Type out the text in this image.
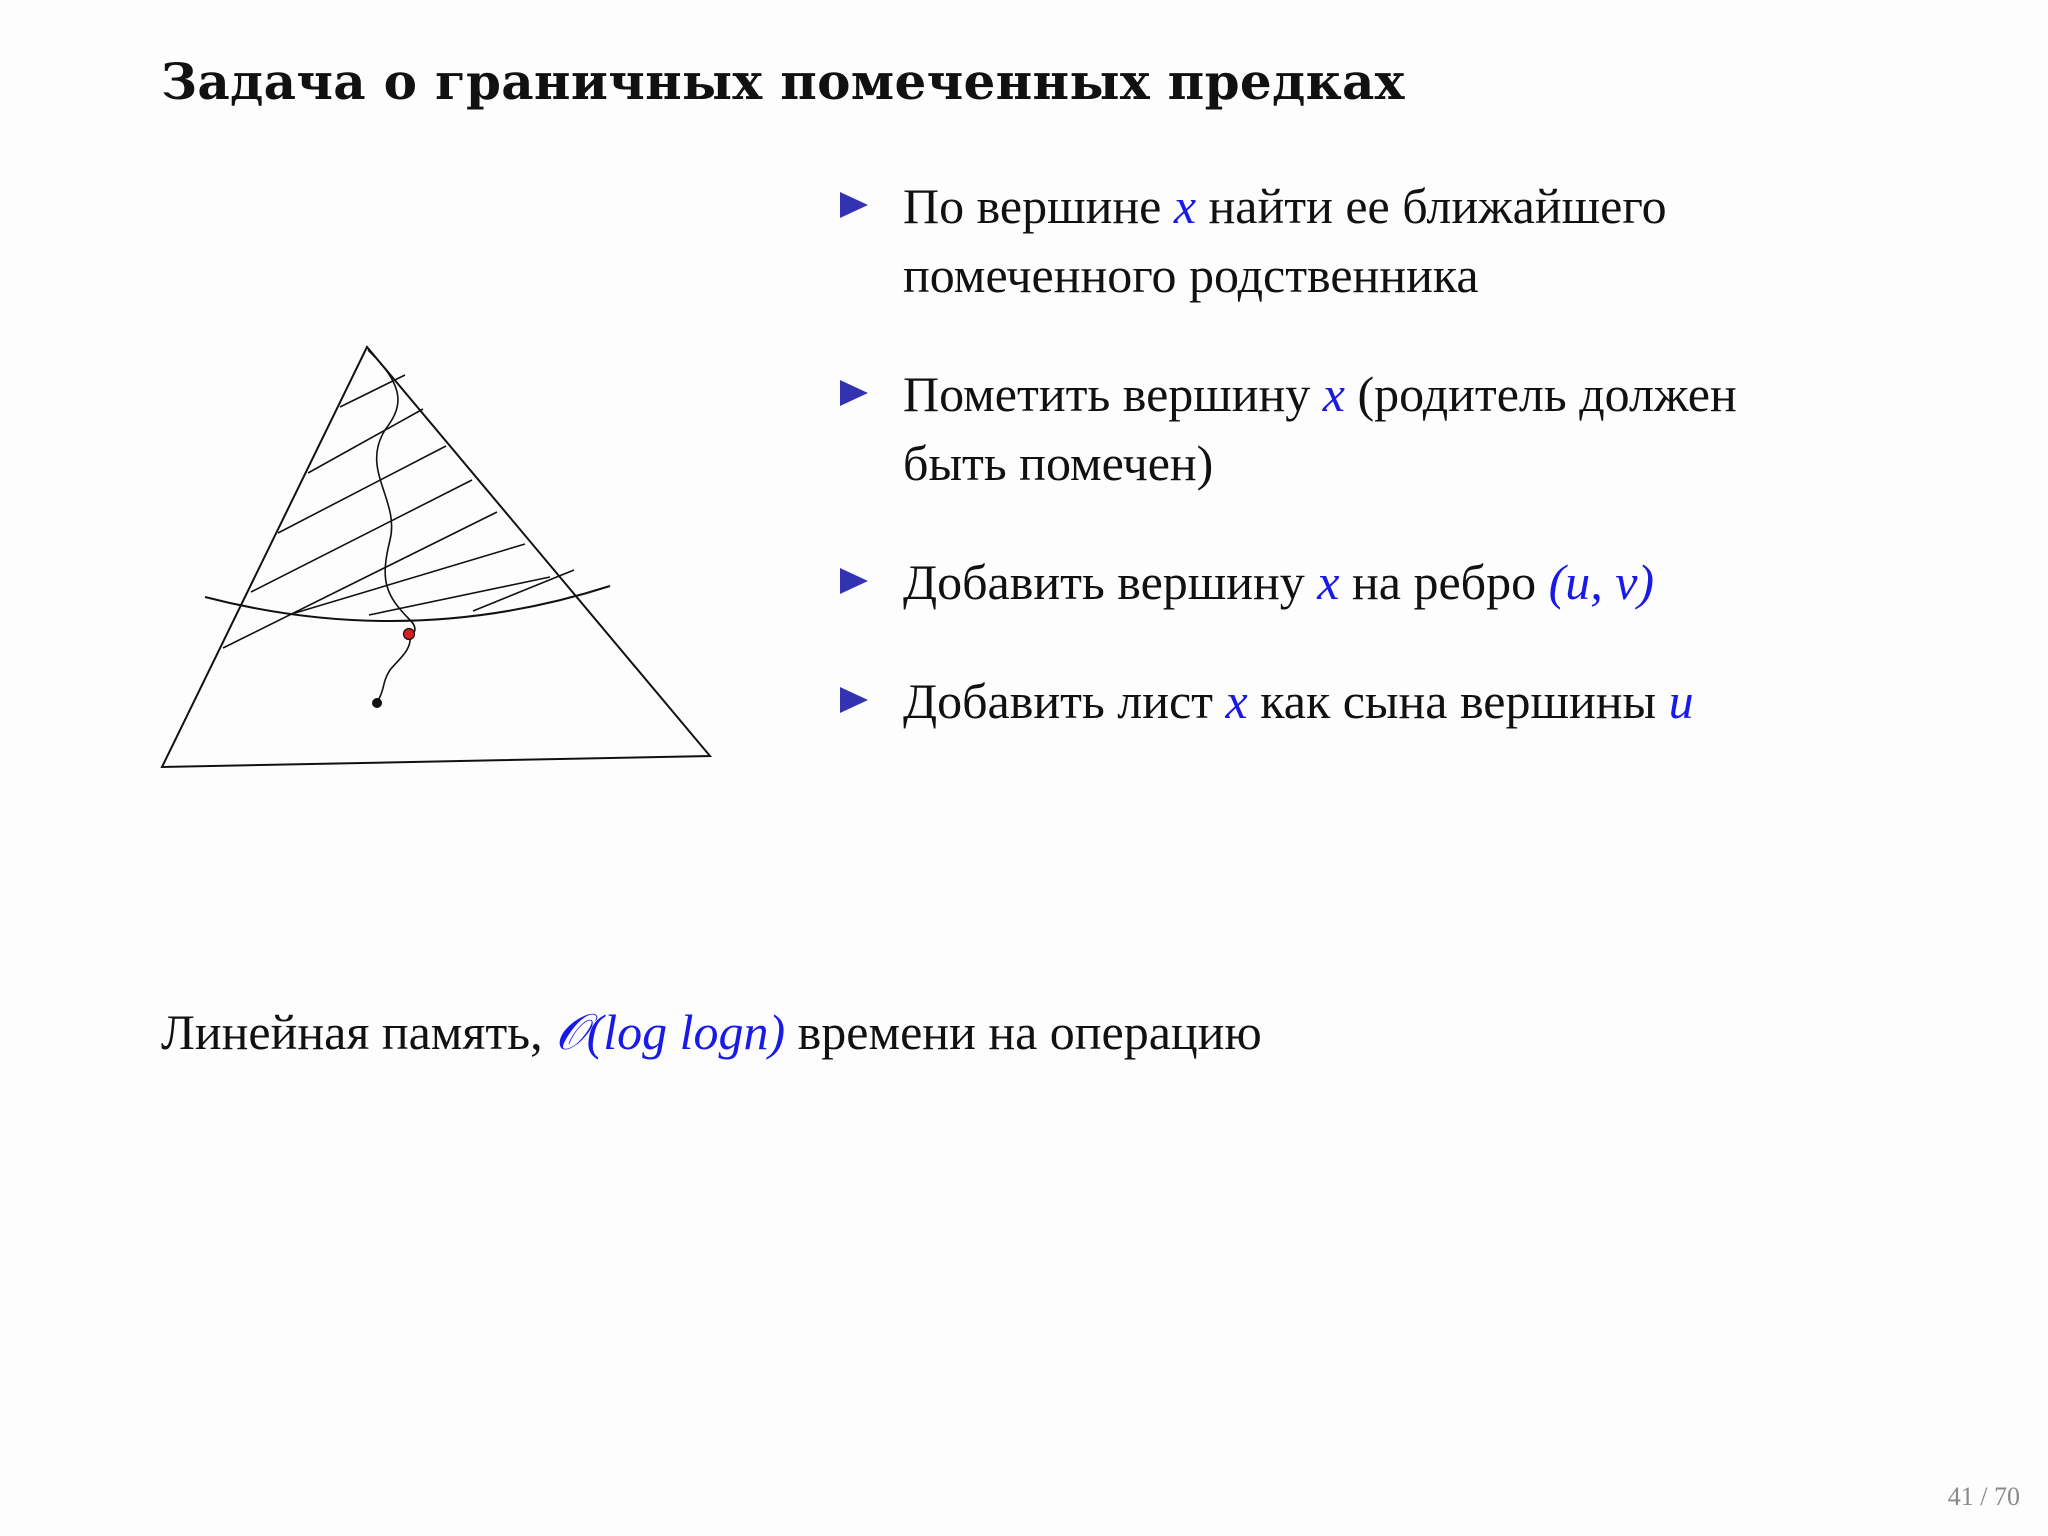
Задача о граничных помеченных предках
По вершине x найти ее ближайшего помеченного родственника
Пометить вершину x (родитель должен быть помечен)
Добавить вершину x на ребро (u, v)
Добавить лист x как сына вершины u
Линейная память, 𝒪(log logn) времени на операцию
41 / 70
